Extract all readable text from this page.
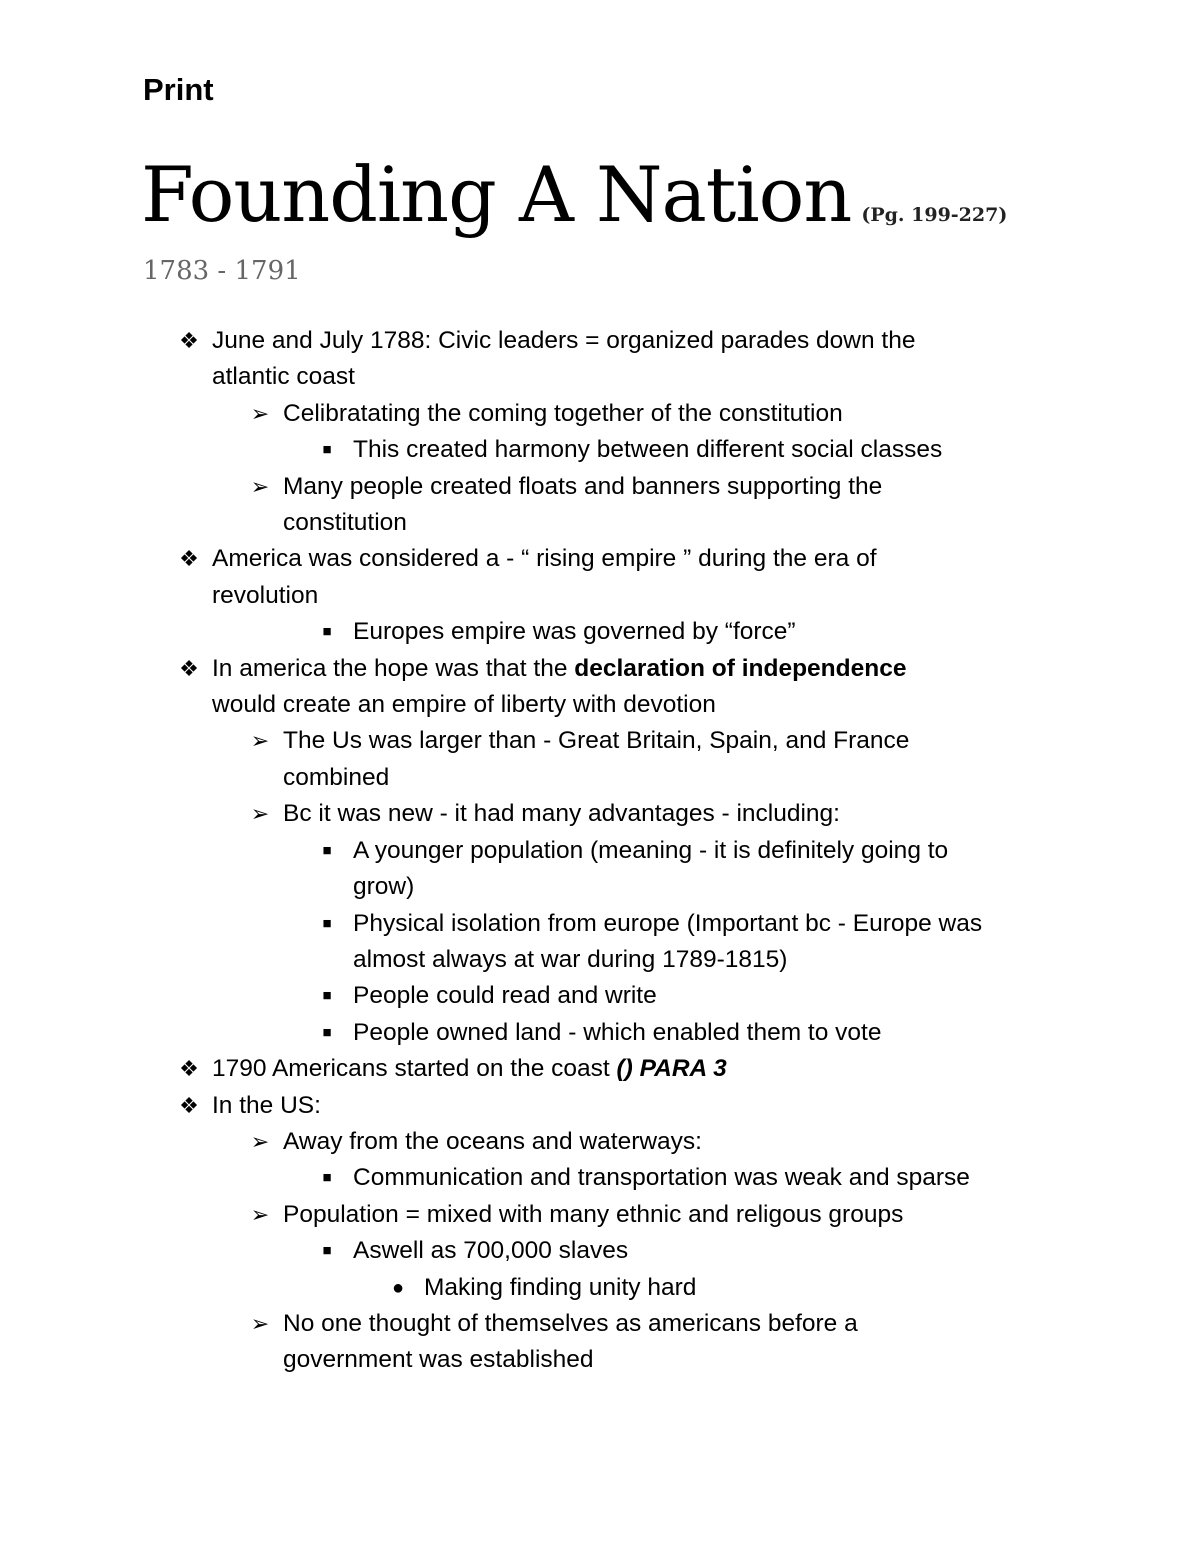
Print

Founding A Nation (Pg. 199-227)

1783 - 1791

❖ June and July 1788: Civic leaders = organized parades down the
atlantic coast
➢ Celibratating the coming together of the constitution
■ This created harmony between different social classes
➢ Many people created floats and banners supporting the
constitution
❖ America was considered a - “ rising empire ” during the era of
revolution
■ Europes empire was governed by “force”
❖ In america the hope was that the declaration of independence
would create an empire of liberty with devotion
➢ The Us was larger than - Great Britain, Spain, and France
combined
➢ Bc it was new - it had many advantages - including:
■ A younger population (meaning - it is definitely going to
grow)
■ Physical isolation from europe (Important bc - Europe was
almost always at war during 1789-1815)
■ People could read and write
■ People owned land - which enabled them to vote
❖ 1790 Americans started on the coast () PARA 3
❖ In the US:
➢ Away from the oceans and waterways:
■ Communication and transportation was weak and sparse
➢ Population = mixed with many ethnic and religous groups
■ Aswell as 700,000 slaves
● Making finding unity hard
➢ No one thought of themselves as americans before a
government was established
